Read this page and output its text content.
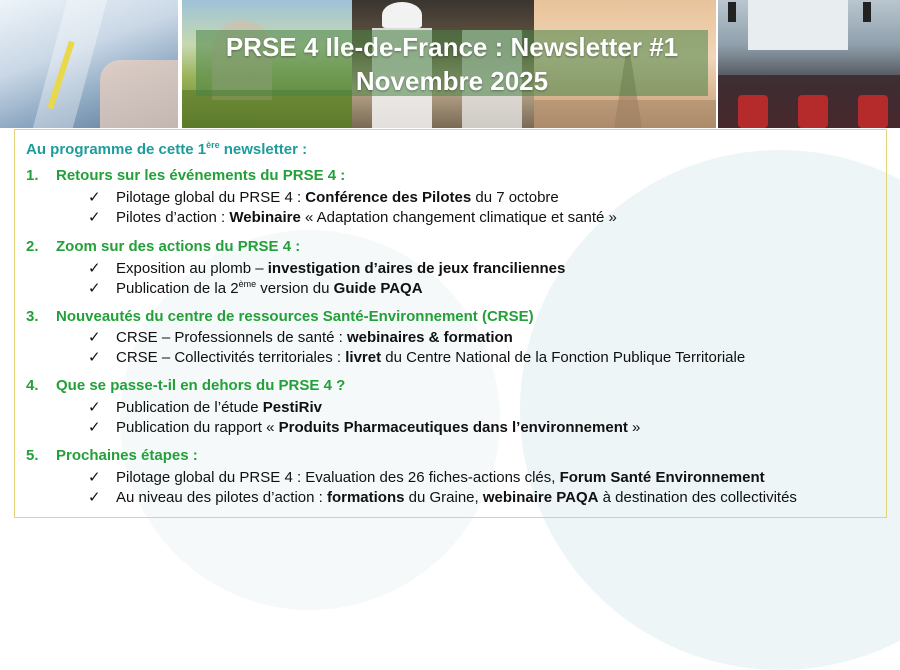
PRSE 4 Ile-de-France : Newsletter #1
Novembre 2025
Au programme de cette 1ère newsletter :
1. Retours sur les événements du PRSE 4 :
✓ Pilotage global du PRSE 4 : Conférence des Pilotes du 7 octobre
✓ Pilotes d’action : Webinaire « Adaptation changement climatique et santé »
2. Zoom sur des actions du PRSE 4 :
✓ Exposition au plomb – investigation d’aires de jeux franciliennes
✓ Publication de la 2ème version du Guide PAQA
3. Nouveautés du centre de ressources Santé-Environnement (CRSE)
✓ CRSE – Professionnels de santé : webinaires & formation
✓ CRSE – Collectivités territoriales : livret du Centre National de la Fonction Publique Territoriale
4. Que se passe-t-il en dehors du PRSE 4 ?
✓ Publication de l’étude PestiRiv
✓ Publication du rapport « Produits Pharmaceutiques dans l’environnement »
5. Prochaines étapes :
✓ Pilotage global du PRSE 4 : Evaluation des 26 fiches-actions clés, Forum Santé Environnement
✓ Au niveau des pilotes d’action : formations du Graine, webinaire PAQA à destination des collectivités
